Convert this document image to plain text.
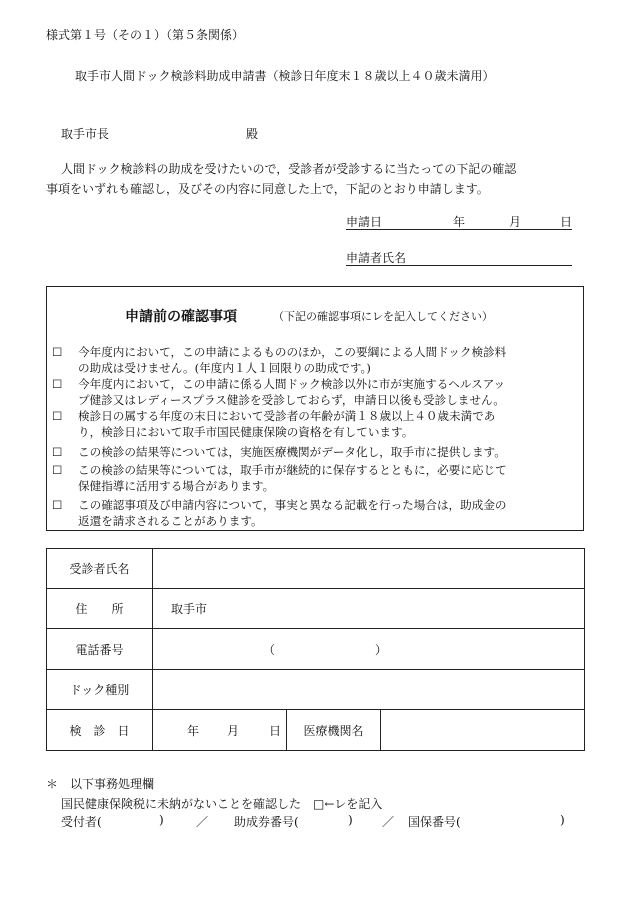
様式第１号（その１）（第５条関係）
取手市人間ドック検診料助成申請書（検診日年度末１８歳以上４０歳未満用）
取手市長	殿
人間ドック検診料の助成を受けたいので，受診者が受診するに当たっての下記の確認
事項をいずれも確認し，及びその内容に同意した上で，下記のとおり申請します。
申請日	年	月	日
申請者氏名
申請前の確認事項	（下記の確認事項にレを記入してください）
☐ 今年度内において，この申請によるもののほか，この要綱による人間ドック検診料
の助成は受けません。(年度内１人１回限りの助成です。)
☐ 今年度内において，この申請に係る人間ドック検診以外に市が実施するヘルスアッ
プ健診又はレディースプラス健診を受診しておらず，申請日以後も受診しません。
☐ 検診日の属する年度の末日において受診者の年齢が満１８歳以上４０歳未満であ
り，検診日において取手市国民健康保険の資格を有しています。
☐ この検診の結果等については，実施医療機関がデータ化し，取手市に提供します。
☐ この検診の結果等については，取手市が継続的に保存するとともに，必要に応じて
保健指導に活用する場合があります。
☐ この確認事項及び申請内容について，事実と異なる記載を行った場合は，助成金の
返還を請求されることがあります。
受診者氏名			
住　　所	取手市		
電話番号	（ ）		

ドック種別			
検　診　日	年 月 日	医療機関名	
＊　以下事務処理欄
国民健康保険税に未納がないことを確認した　□←レを記入
受付者(	)	／ 助成券番号(	) ／ 国保番号(	)
